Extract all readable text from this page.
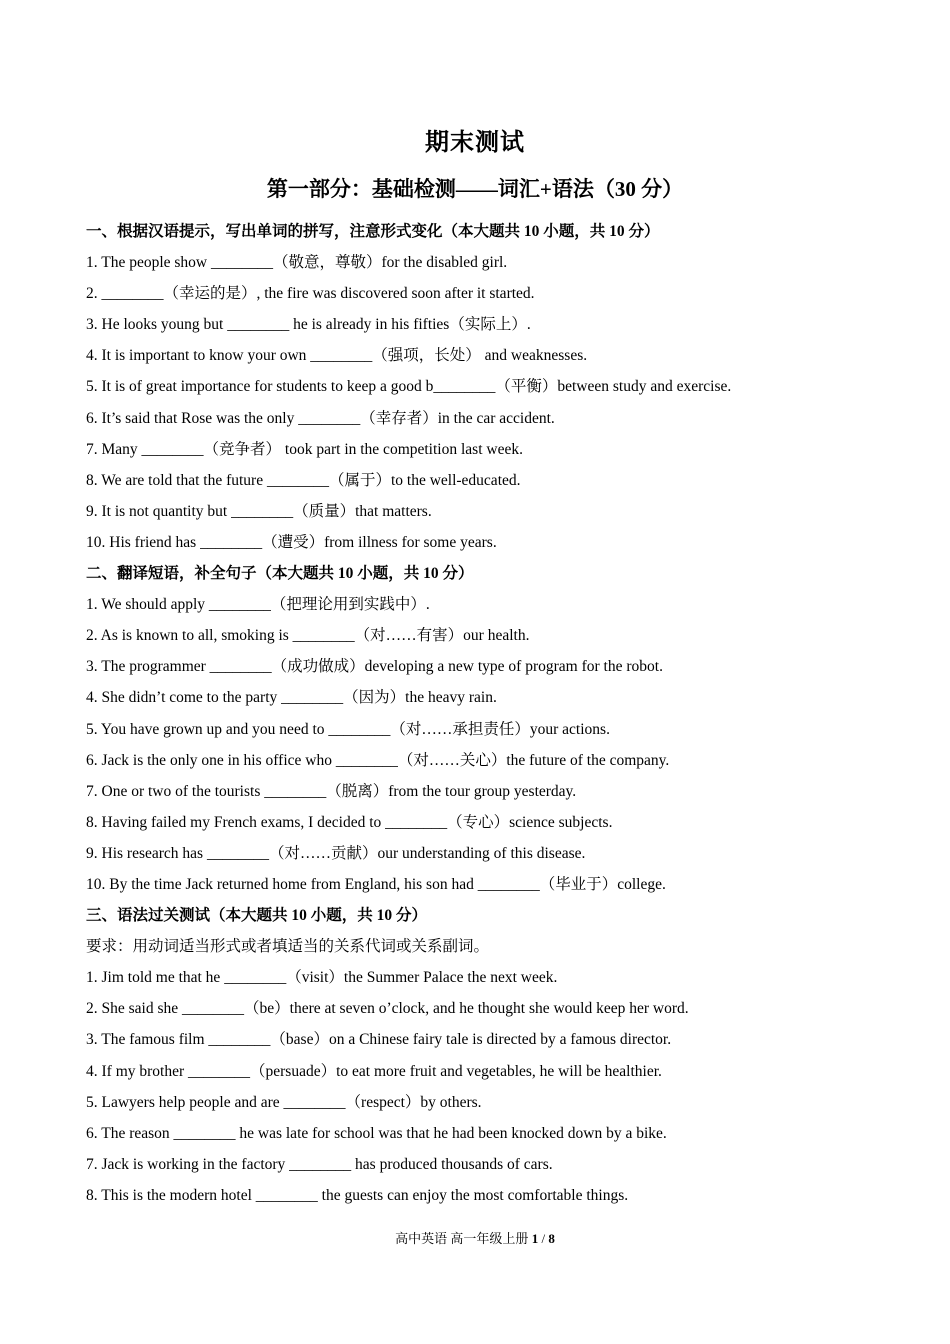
期末测试
第一部分：基础检测——词汇+语法（30 分）
一、根据汉语提示，写出单词的拼写，注意形式变化（本大题共 10 小题，共 10 分）
1. The people show ________（敬意，尊敬）for the disabled girl.
2. ________（幸运的是）, the fire was discovered soon after it started.
3. He looks young but ________ he is already in his fifties（实际上）.
4. It is important to know your own ________（强项，长处） and weaknesses.
5. It is of great importance for students to keep a good b________（平衡）between study and exercise.
6. It’s said that Rose was the only ________（幸存者）in the car accident.
7. Many ________（竞争者） took part in the competition last week.
8. We are told that the future ________（属于）to the well-educated.
9. It is not quantity but ________（质量）that matters.
10. His friend has ________（遭受）from illness for some years.
二、翻译短语，补全句子（本大题共 10 小题，共 10 分）
1. We should apply ________（把理论用到实践中）.
2. As is known to all, smoking is ________（对……有害）our health.
3. The programmer ________（成功做成）developing a new type of program for the robot.
4. She didn’t come to the party ________（因为）the heavy rain.
5. You have grown up and you need to ________（对……承担责任）your actions.
6. Jack is the only one in his office who ________（对……关心）the future of the company.
7. One or two of the tourists ________（脱离）from the tour group yesterday.
8. Having failed my French exams, I decided to ________（专心）science subjects.
9. His research has ________（对……贡献）our understanding of this disease.
10. By the time Jack returned home from England, his son had ________（毕业于）college.
三、语法过关测试（本大题共 10 小题，共 10 分）
要求：用动词适当形式或者填适当的关系代词或关系副词。
1. Jim told me that he ________（visit）the Summer Palace the next week.
2. She said she ________（be）there at seven o’clock, and he thought she would keep her word.
3. The famous film ________（base）on a Chinese fairy tale is directed by a famous director.
4. If my brother ________（persuade）to eat more fruit and vegetables, he will be healthier.
5. Lawyers help people and are ________（respect）by others.
6. The reason ________ he was late for school was that he had been knocked down by a bike.
7. Jack is working in the factory ________ has produced thousands of cars.
8. This is the modern hotel ________ the guests can enjoy the most comfortable things.
高中英语 高一年级上册 1 / 8
